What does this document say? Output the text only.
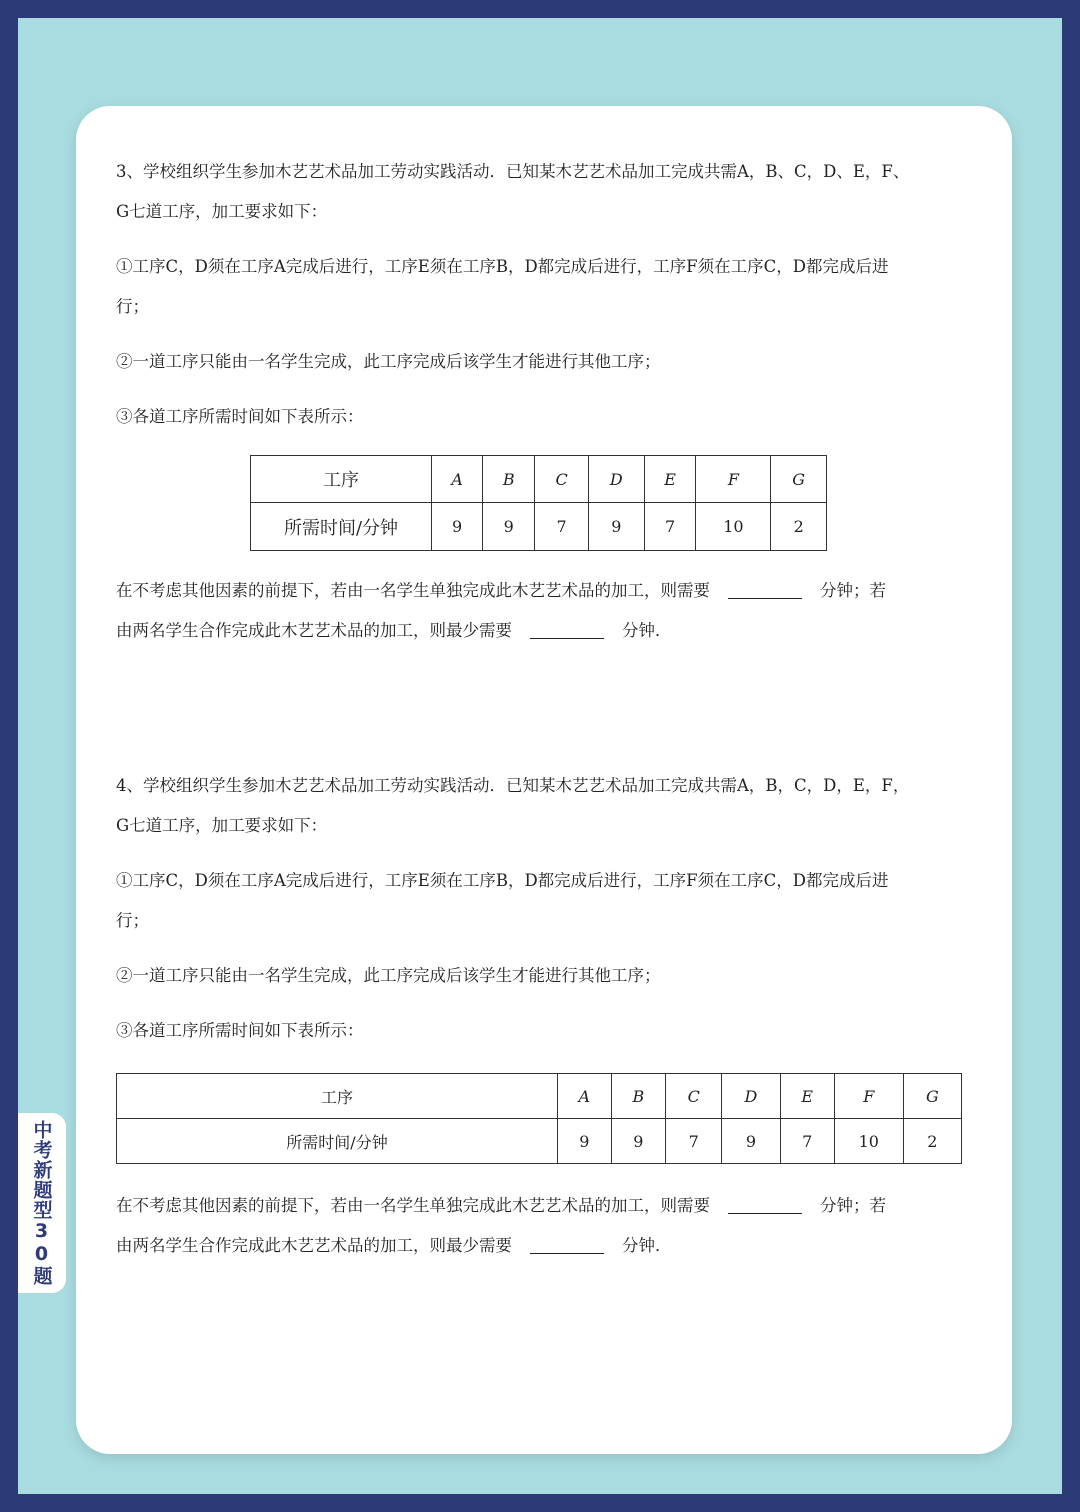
3、学校组织学生参加木艺艺术品加工劳动实践活动．已知某木艺艺术品加工完成共需A，B、C，D、E，F、
G七道工序，加工要求如下：
①工序C，D须在工序A完成后进行，工序E须在工序B，D都完成后进行，工序F须在工序C，D都完成后进
行；
②一道工序只能由一名学生完成，此工序完成后该学生才能进行其他工序；
③各道工序所需时间如下表所示：
工序	A	B	C	D	E	F	G
所需时间/分钟	9	9	7	9	7	10	2
在不考虑其他因素的前提下，若由一名学生单独完成此木艺艺术品的加工，则需要	分钟；若
由两名学生合作完成此木艺艺术品的加工，则最少需要	分钟．
4、学校组织学生参加木艺艺术品加工劳动实践活动．已知某木艺艺术品加工完成共需A，B，C，D，E，F，
G七道工序，加工要求如下：
①工序C，D须在工序A完成后进行，工序E须在工序B，D都完成后进行，工序F须在工序C，D都完成后进
行；
②一道工序只能由一名学生完成，此工序完成后该学生才能进行其他工序；
③各道工序所需时间如下表所示：
工序	A	B	C	D	E	F	G
所需时间/分钟	9	9	7	9	7	10	2
在不考虑其他因素的前提下，若由一名学生单独完成此木艺艺术品的加工，则需要	分钟；若
由两名学生合作完成此木艺艺术品的加工，则最少需要	分钟．
中考新题型30题
